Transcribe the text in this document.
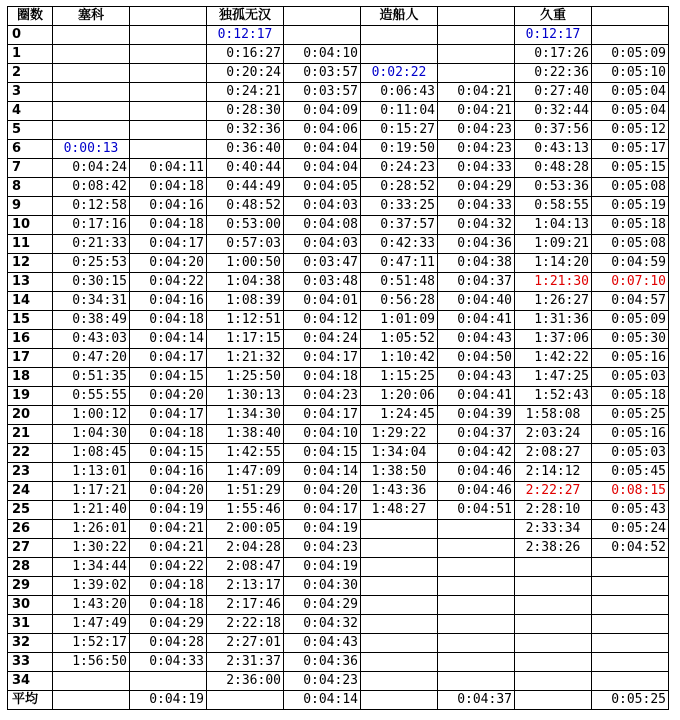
圈数	塞科		独孤无汉		造船人		久重	
0			0:12:17				0:12:17	
1			0:16:27	0:04:10			0:17:26	0:05:09
2			0:20:24	0:03:57	0:02:22		0:22:36	0:05:10
3			0:24:21	0:03:57	0:06:43	0:04:21	0:27:40	0:05:04
4			0:28:30	0:04:09	0:11:04	0:04:21	0:32:44	0:05:04
5			0:32:36	0:04:06	0:15:27	0:04:23	0:37:56	0:05:12
6	0:00:13		0:36:40	0:04:04	0:19:50	0:04:23	0:43:13	0:05:17
7	0:04:24	0:04:11	0:40:44	0:04:04	0:24:23	0:04:33	0:48:28	0:05:15
8	0:08:42	0:04:18	0:44:49	0:04:05	0:28:52	0:04:29	0:53:36	0:05:08
9	0:12:58	0:04:16	0:48:52	0:04:03	0:33:25	0:04:33	0:58:55	0:05:19
10	0:17:16	0:04:18	0:53:00	0:04:08	0:37:57	0:04:32	1:04:13	0:05:18
11	0:21:33	0:04:17	0:57:03	0:04:03	0:42:33	0:04:36	1:09:21	0:05:08
12	0:25:53	0:04:20	1:00:50	0:03:47	0:47:11	0:04:38	1:14:20	0:04:59
13	0:30:15	0:04:22	1:04:38	0:03:48	0:51:48	0:04:37	1:21:30	0:07:10
14	0:34:31	0:04:16	1:08:39	0:04:01	0:56:28	0:04:40	1:26:27	0:04:57
15	0:38:49	0:04:18	1:12:51	0:04:12	1:01:09	0:04:41	1:31:36	0:05:09
16	0:43:03	0:04:14	1:17:15	0:04:24	1:05:52	0:04:43	1:37:06	0:05:30
17	0:47:20	0:04:17	1:21:32	0:04:17	1:10:42	0:04:50	1:42:22	0:05:16
18	0:51:35	0:04:15	1:25:50	0:04:18	1:15:25	0:04:43	1:47:25	0:05:03
19	0:55:55	0:04:20	1:30:13	0:04:23	1:20:06	0:04:41	1:52:43	0:05:18
20	1:00:12	0:04:17	1:34:30	0:04:17	1:24:45	0:04:39	1:58:08	0:05:25
21	1:04:30	0:04:18	1:38:40	0:04:10	1:29:22	0:04:37	2:03:24	0:05:16
22	1:08:45	0:04:15	1:42:55	0:04:15	1:34:04	0:04:42	2:08:27	0:05:03
23	1:13:01	0:04:16	1:47:09	0:04:14	1:38:50	0:04:46	2:14:12	0:05:45
24	1:17:21	0:04:20	1:51:29	0:04:20	1:43:36	0:04:46	2:22:27	0:08:15
25	1:21:40	0:04:19	1:55:46	0:04:17	1:48:27	0:04:51	2:28:10	0:05:43
26	1:26:01	0:04:21	2:00:05	0:04:19			2:33:34	0:05:24
27	1:30:22	0:04:21	2:04:28	0:04:23			2:38:26	0:04:52
28	1:34:44	0:04:22	2:08:47	0:04:19				
29	1:39:02	0:04:18	2:13:17	0:04:30				
30	1:43:20	0:04:18	2:17:46	0:04:29				
31	1:47:49	0:04:29	2:22:18	0:04:32				
32	1:52:17	0:04:28	2:27:01	0:04:43				
33	1:56:50	0:04:33	2:31:37	0:04:36				
34			2:36:00	0:04:23				
平均		0:04:19		0:04:14		0:04:37		0:05:25
